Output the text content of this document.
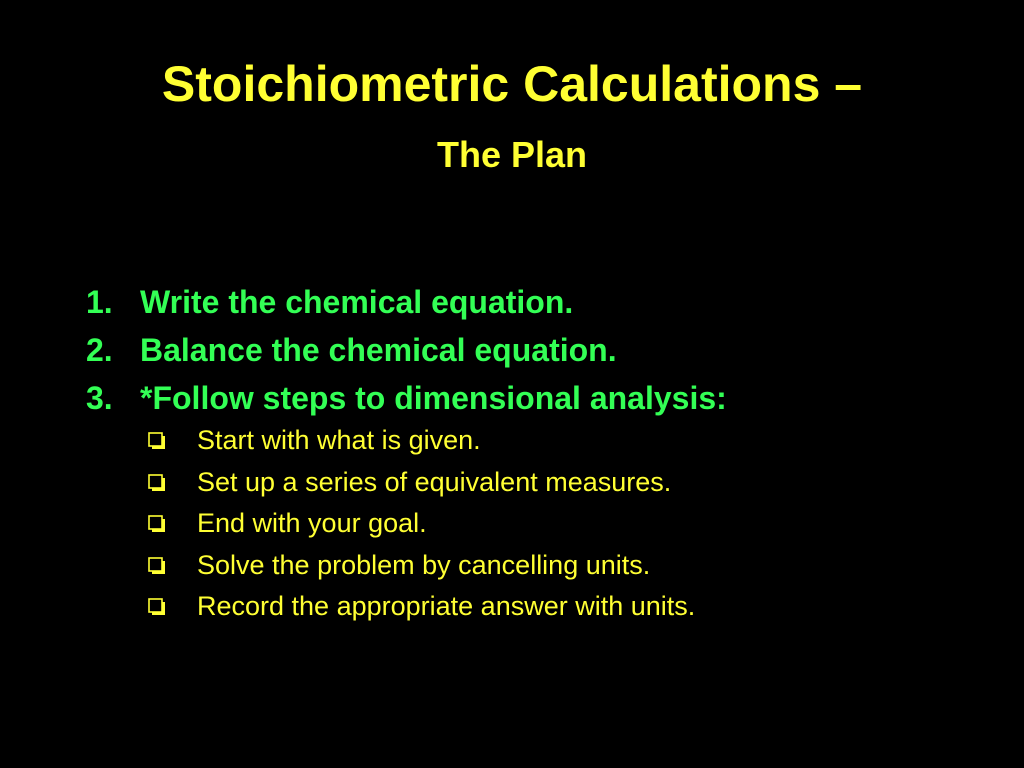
Stoichiometric Calculations –
The Plan
1. Write the chemical equation.
2. Balance the chemical equation.
3. *Follow steps to dimensional analysis:
Start with what is given.
Set up a series of equivalent measures.
End with your goal.
Solve the problem by cancelling units.
Record the appropriate answer with units.
